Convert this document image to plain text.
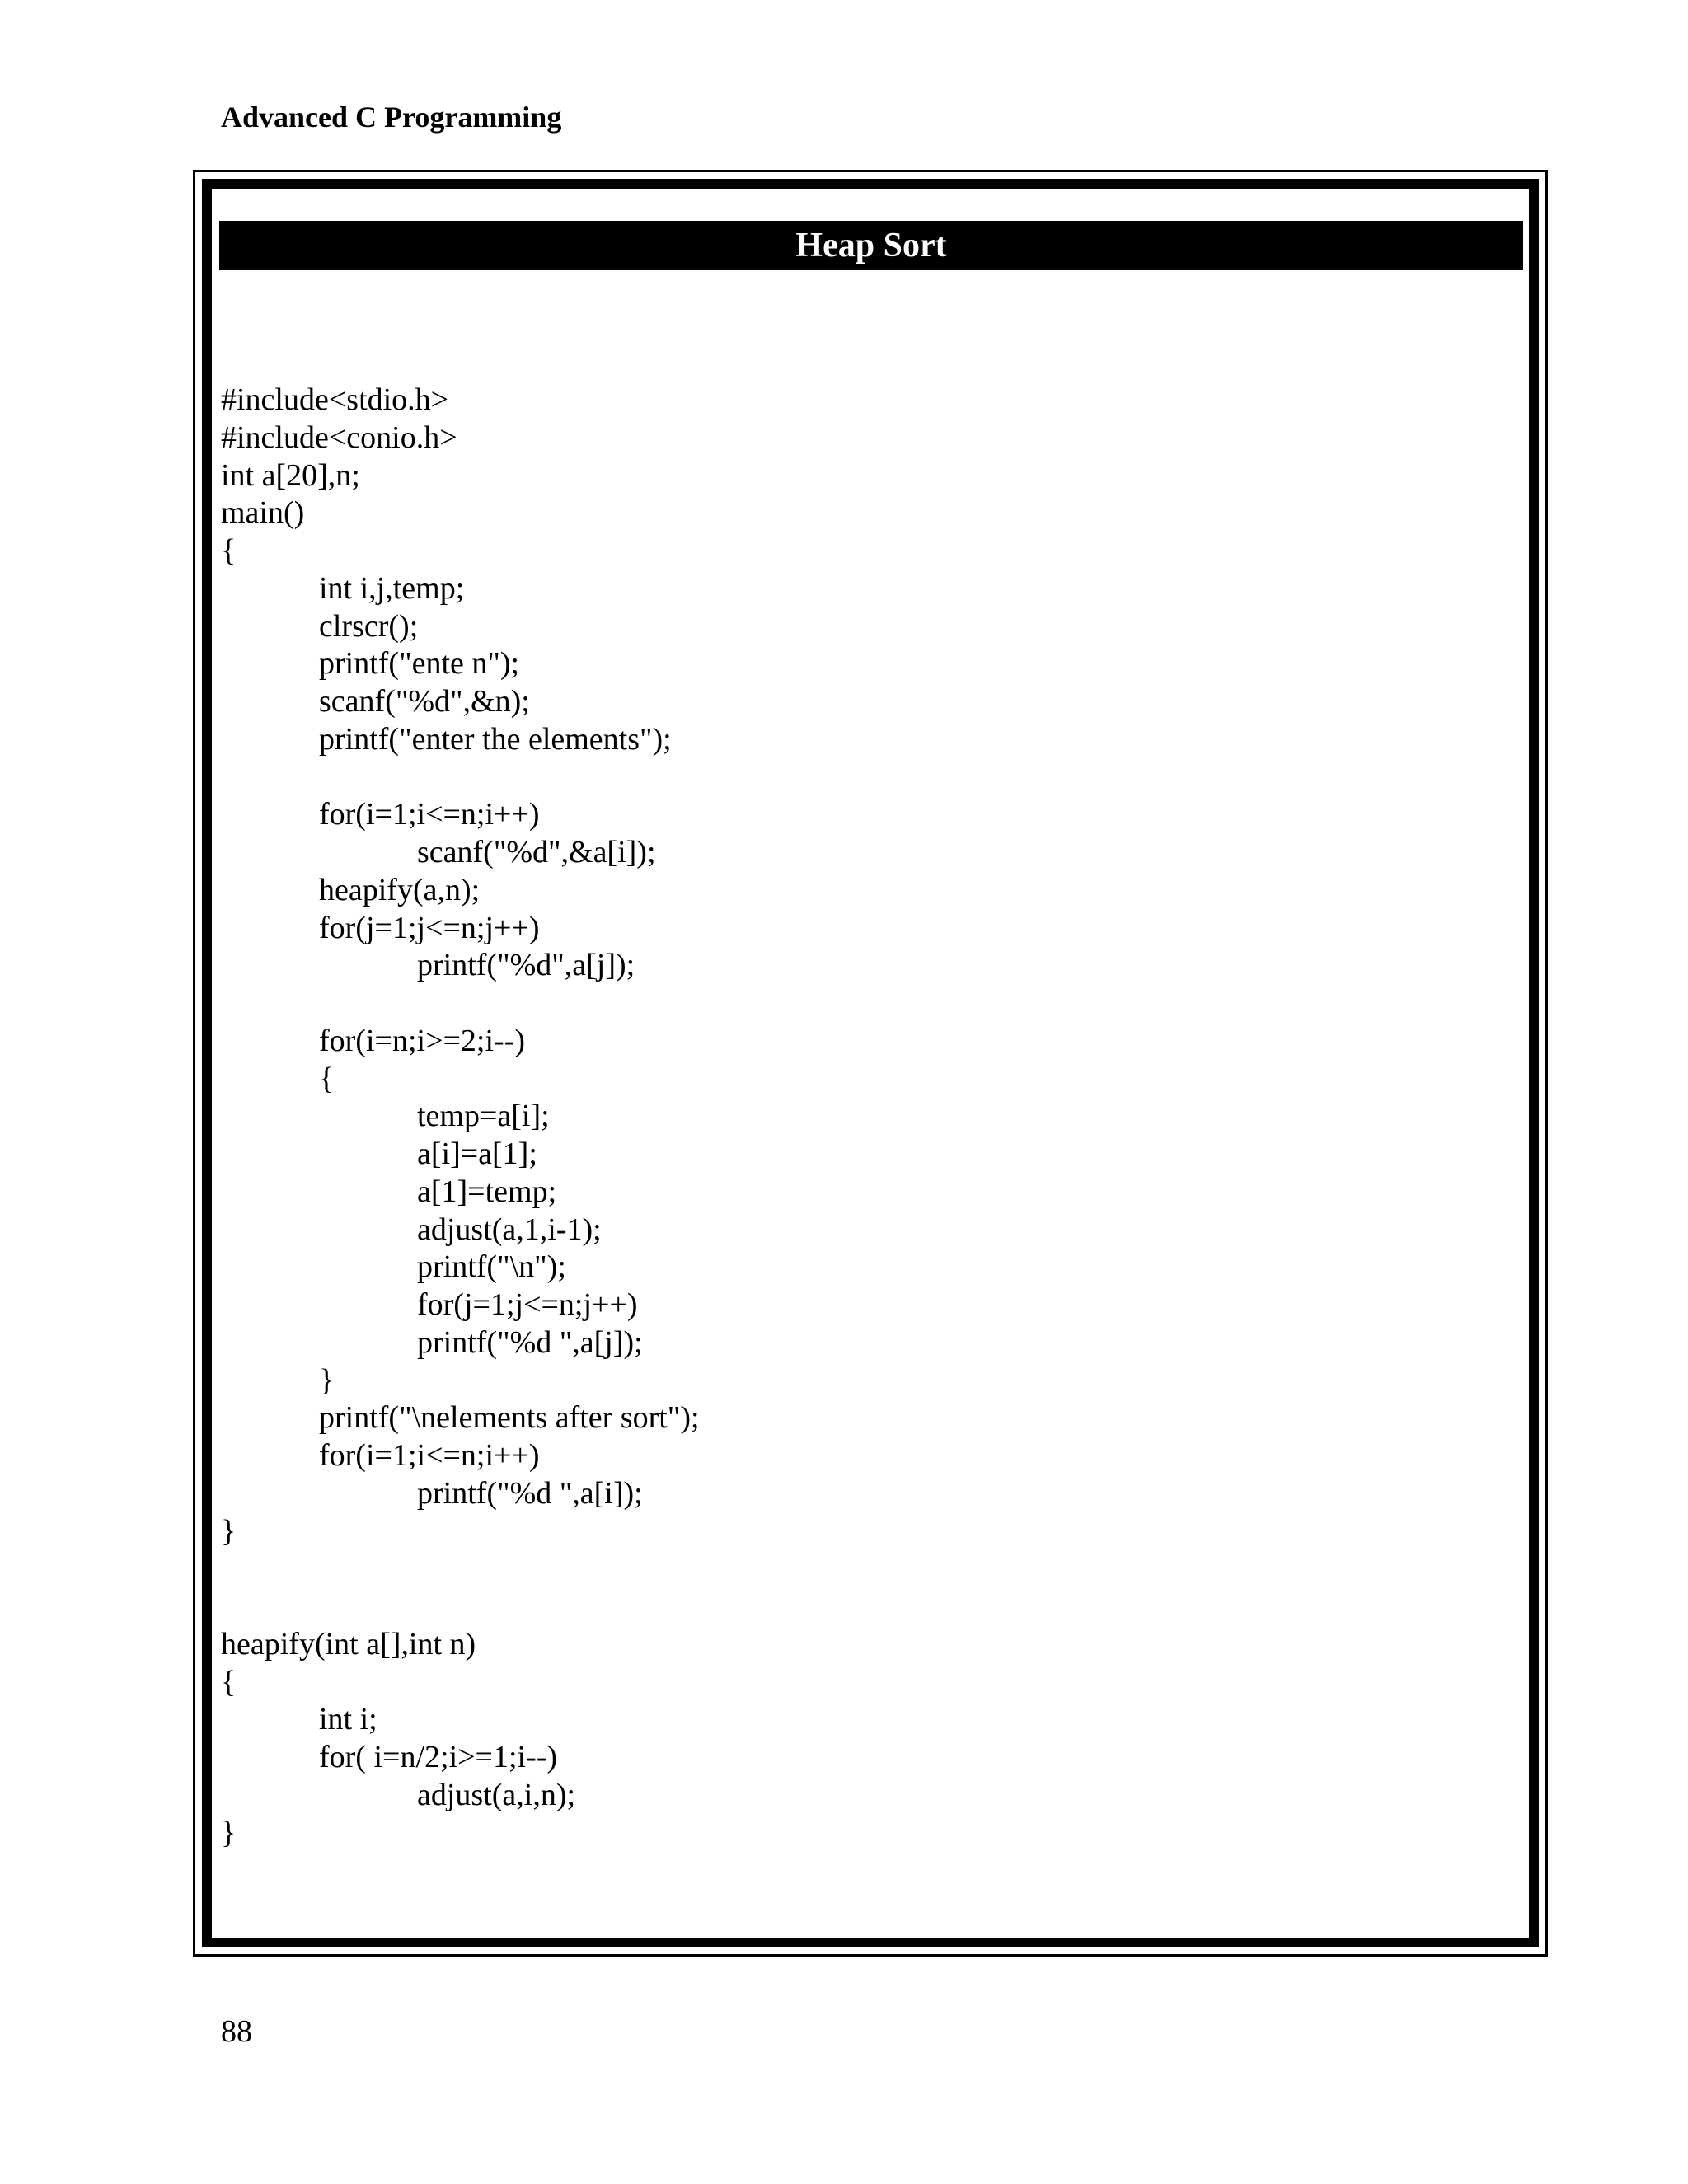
Advanced C Programming

Heap Sort
#include<stdio.h>
#include<conio.h>
int a[20],n;
main()
{
int i,j,temp;
clrscr();
printf("ente n");
scanf("%d",&n);
printf("enter the elements");
for(i=1;i<=n;i++)
scanf("%d",&a[i]);
heapify(a,n);
for(j=1;j<=n;j++)
printf("%d",a[j]);
for(i=n;i>=2;i--)
{
temp=a[i];
a[i]=a[1];
a[1]=temp;
adjust(a,1,i-1);
printf("\n");
for(j=1;j<=n;j++)
printf("%d ",a[j]);
}
printf("\nelements after sort");
for(i=1;i<=n;i++)
printf("%d ",a[i]);
}
heapify(int a[],int n)
{
int i;
for( i=n/2;i>=1;i--)
adjust(a,i,n);
}

88
